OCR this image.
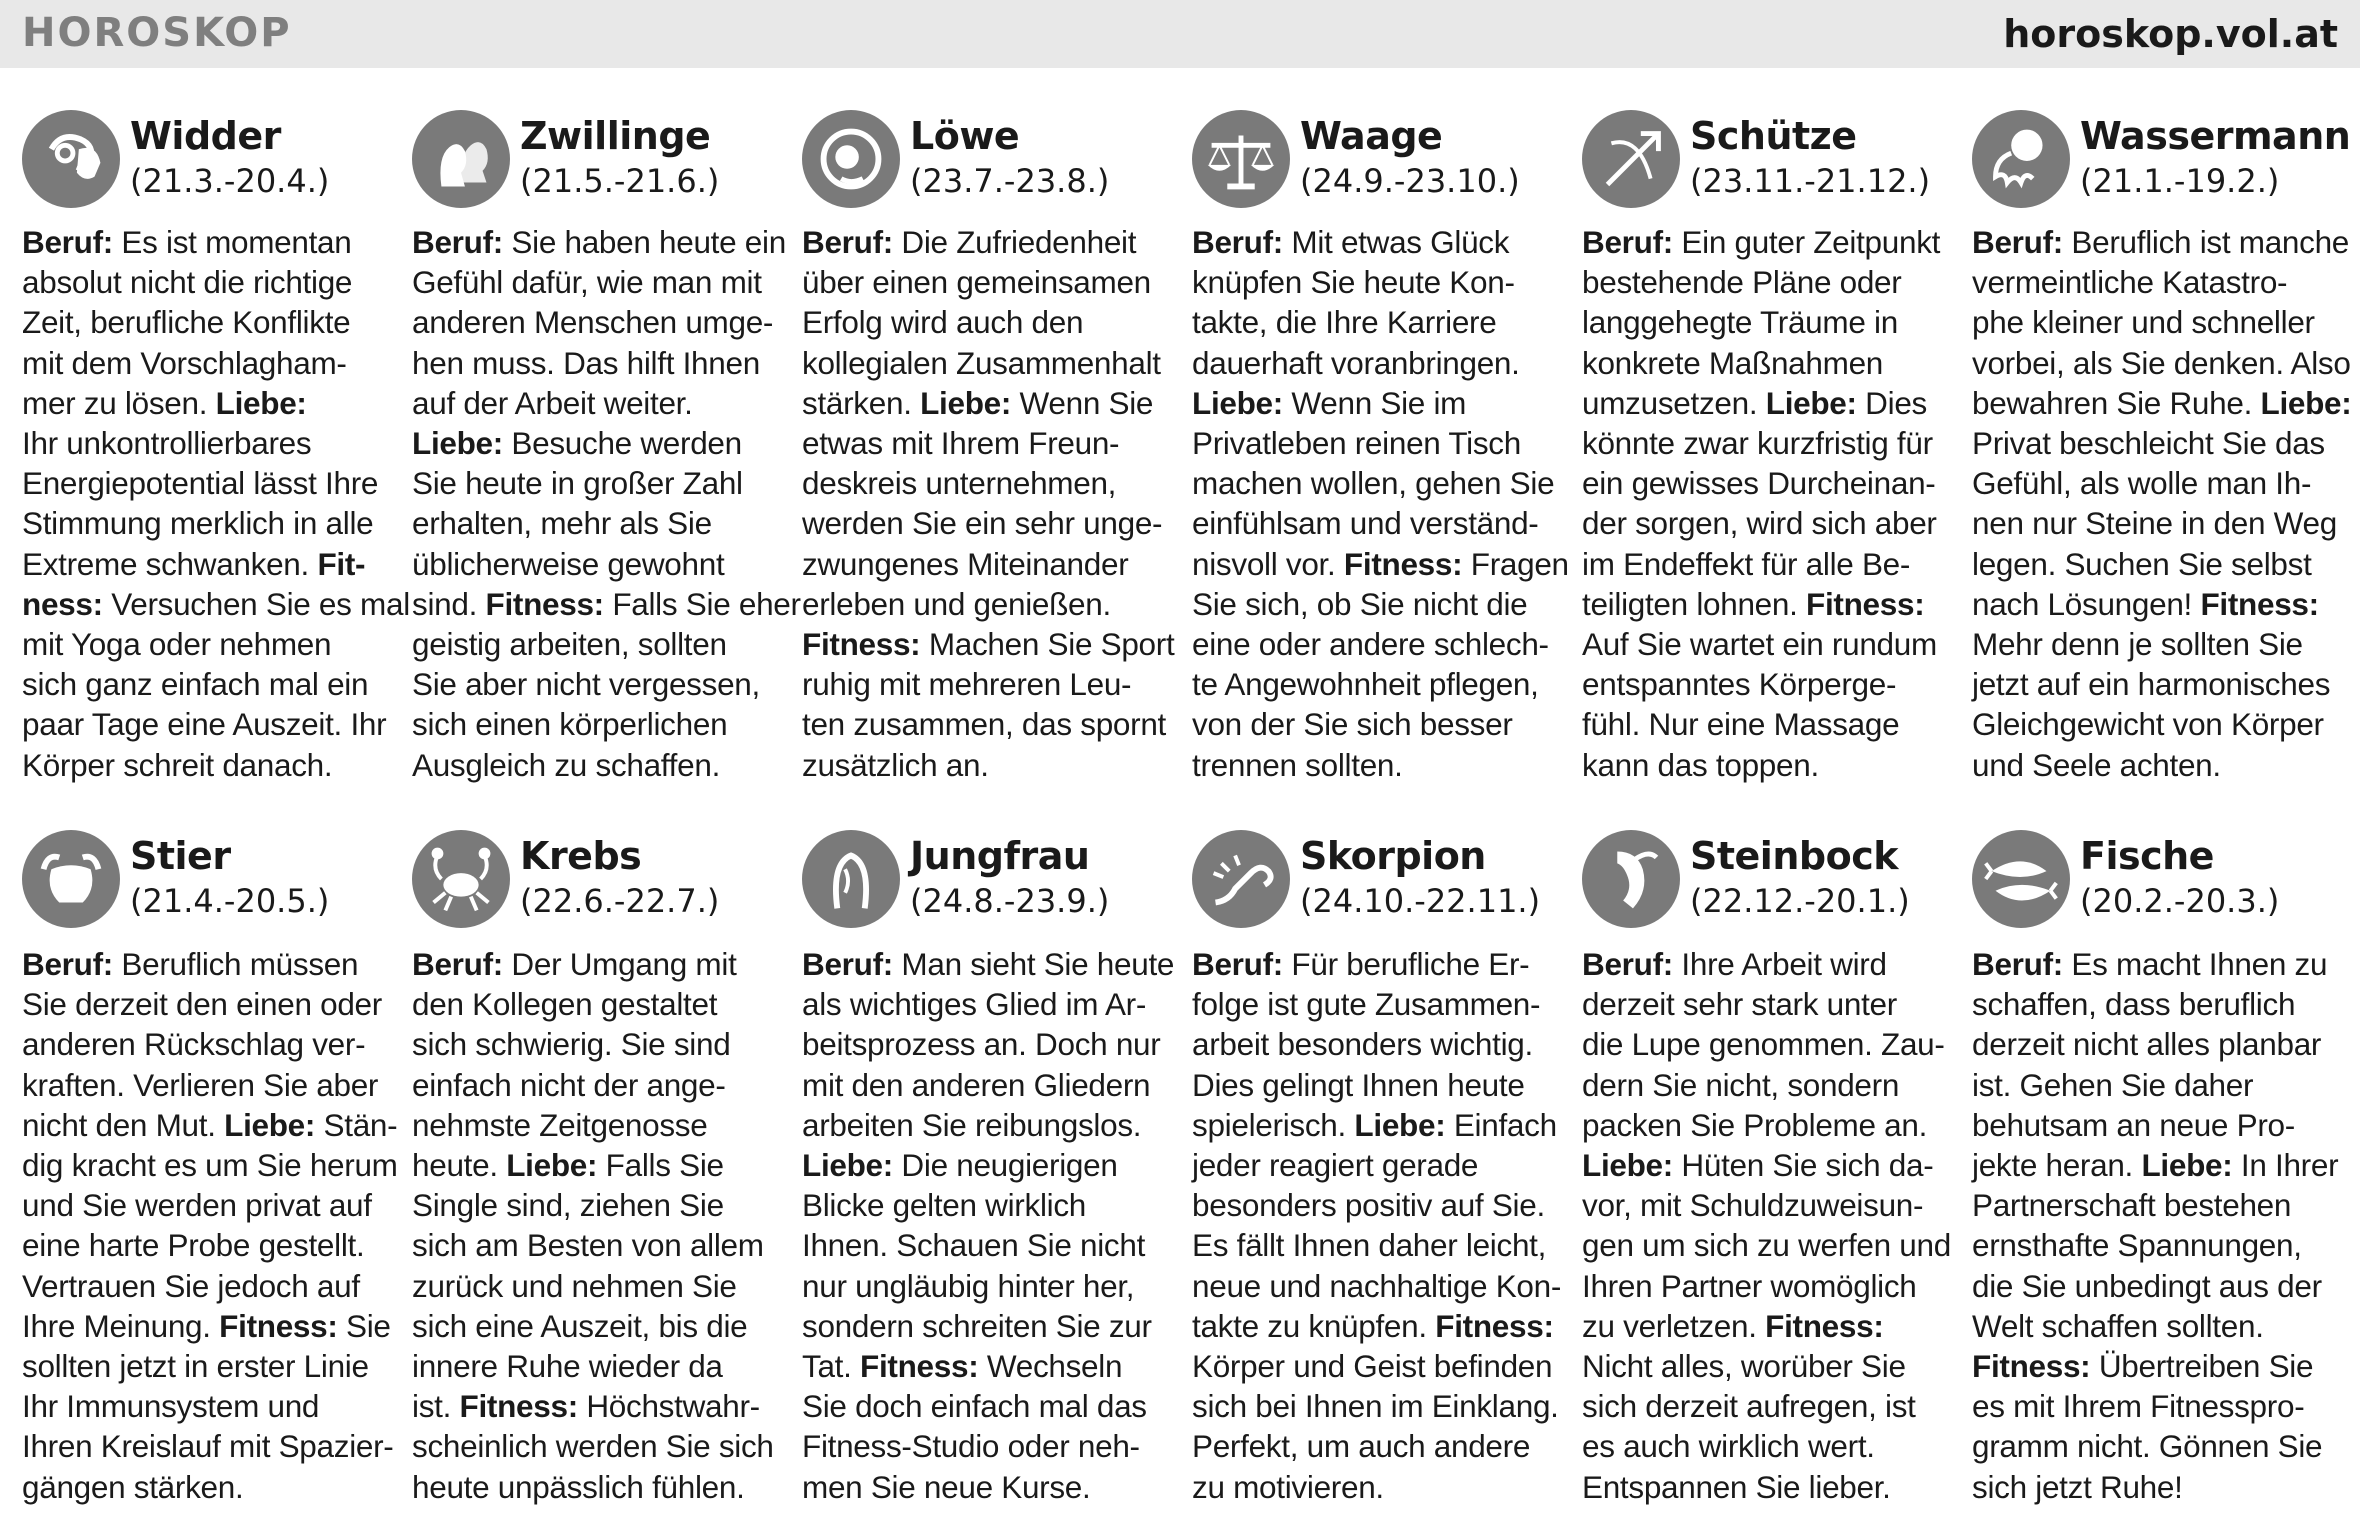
HOROSKOP	horoskop.vol.at
Widder
(21.3.-20.4.)
Beruf: Es ist momentan
absolut nicht die richtige
Zeit, berufliche Konflikte
mit dem Vorschlagham-
mer zu lösen. Liebe:
Ihr unkontrollierbares
Energiepotential lässt Ihre
Stimmung merklich in alle
Extreme schwanken. Fit-
ness: Versuchen Sie es mal
mit Yoga oder nehmen
sich ganz einfach mal ein
paar Tage eine Auszeit. Ihr
Körper schreit danach.
Zwillinge
(21.5.-21.6.)
Beruf: Sie haben heute ein
Gefühl dafür, wie man mit
anderen Menschen umge-
hen muss. Das hilft Ihnen
auf der Arbeit weiter.
Liebe: Besuche werden
Sie heute in großer Zahl
erhalten, mehr als Sie
üblicherweise gewohnt
sind. Fitness: Falls Sie eher
geistig arbeiten, sollten
Sie aber nicht vergessen,
sich einen körperlichen
Ausgleich zu schaffen.
Löwe
(23.7.-23.8.)
Beruf: Die Zufriedenheit
über einen gemeinsamen
Erfolg wird auch den
kollegialen Zusammenhalt
stärken. Liebe: Wenn Sie
etwas mit Ihrem Freun-
deskreis unternehmen,
werden Sie ein sehr unge-
zwungenes Miteinander
erleben und genießen.
Fitness: Machen Sie Sport
ruhig mit mehreren Leu-
ten zusammen, das spornt
zusätzlich an.
Waage
(24.9.-23.10.)
Beruf: Mit etwas Glück
knüpfen Sie heute Kon-
takte, die Ihre Karriere
dauerhaft voranbringen.
Liebe: Wenn Sie im
Privatleben reinen Tisch
machen wollen, gehen Sie
einfühlsam und verständ-
nisvoll vor. Fitness: Fragen
Sie sich, ob Sie nicht die
eine oder andere schlech-
te Angewohnheit pflegen,
von der Sie sich besser
trennen sollten.
Schütze
(23.11.-21.12.)
Beruf: Ein guter Zeitpunkt
bestehende Pläne oder
langgehegte Träume in
konkrete Maßnahmen
umzusetzen. Liebe: Dies
könnte zwar kurzfristig für
ein gewisses Durcheinan-
der sorgen, wird sich aber
im Endeffekt für alle Be-
teiligten lohnen. Fitness:
Auf Sie wartet ein rundum
entspanntes Körperge-
fühl. Nur eine Massage
kann das toppen.
Wassermann
(21.1.-19.2.)
Beruf: Beruflich ist manche
vermeintliche Katastro-
phe kleiner und schneller
vorbei, als Sie denken. Also
bewahren Sie Ruhe. Liebe:
Privat beschleicht Sie das
Gefühl, als wolle man Ih-
nen nur Steine in den Weg
legen. Suchen Sie selbst
nach Lösungen! Fitness:
Mehr denn je sollten Sie
jetzt auf ein harmonisches
Gleichgewicht von Körper
und Seele achten.
Stier
(21.4.-20.5.)
Beruf: Beruflich müssen
Sie derzeit den einen oder
anderen Rückschlag ver-
kraften. Verlieren Sie aber
nicht den Mut. Liebe: Stän-
dig kracht es um Sie herum
und Sie werden privat auf
eine harte Probe gestellt.
Vertrauen Sie jedoch auf
Ihre Meinung. Fitness: Sie
sollten jetzt in erster Linie
Ihr Immunsystem und
Ihren Kreislauf mit Spazier-
gängen stärken.
Krebs
(22.6.-22.7.)
Beruf: Der Umgang mit
den Kollegen gestaltet
sich schwierig. Sie sind
einfach nicht der ange-
nehmste Zeitgenosse
heute. Liebe: Falls Sie
Single sind, ziehen Sie
sich am Besten von allem
zurück und nehmen Sie
sich eine Auszeit, bis die
innere Ruhe wieder da
ist. Fitness: Höchstwahr-
scheinlich werden Sie sich
heute unpässlich fühlen.
Jungfrau
(24.8.-23.9.)
Beruf: Man sieht Sie heute
als wichtiges Glied im Ar-
beitsprozess an. Doch nur
mit den anderen Gliedern
arbeiten Sie reibungslos.
Liebe: Die neugierigen
Blicke gelten wirklich
Ihnen. Schauen Sie nicht
nur ungläubig hinter her,
sondern schreiten Sie zur
Tat. Fitness: Wechseln
Sie doch einfach mal das
Fitness-Studio oder neh-
men Sie neue Kurse.
Skorpion
(24.10.-22.11.)
Beruf: Für berufliche Er-
folge ist gute Zusammen-
arbeit besonders wichtig.
Dies gelingt Ihnen heute
spielerisch. Liebe: Einfach
jeder reagiert gerade
besonders positiv auf Sie.
Es fällt Ihnen daher leicht,
neue und nachhaltige Kon-
takte zu knüpfen. Fitness:
Körper und Geist befinden
sich bei Ihnen im Einklang.
Perfekt, um auch andere
zu motivieren.
Steinbock
(22.12.-20.1.)
Beruf: Ihre Arbeit wird
derzeit sehr stark unter
die Lupe genommen. Zau-
dern Sie nicht, sondern
packen Sie Probleme an.
Liebe: Hüten Sie sich da-
vor, mit Schuldzuweisun-
gen um sich zu werfen und
Ihren Partner womöglich
zu verletzen. Fitness:
Nicht alles, worüber Sie
sich derzeit aufregen, ist
es auch wirklich wert.
Entspannen Sie lieber.
Fische
(20.2.-20.3.)
Beruf: Es macht Ihnen zu
schaffen, dass beruflich
derzeit nicht alles planbar
ist. Gehen Sie daher
behutsam an neue Pro-
jekte heran. Liebe: In Ihrer
Partnerschaft bestehen
ernsthafte Spannungen,
die Sie unbedingt aus der
Welt schaffen sollten.
Fitness: Übertreiben Sie
es mit Ihrem Fitnesspro-
gramm nicht. Gönnen Sie
sich jetzt Ruhe!
